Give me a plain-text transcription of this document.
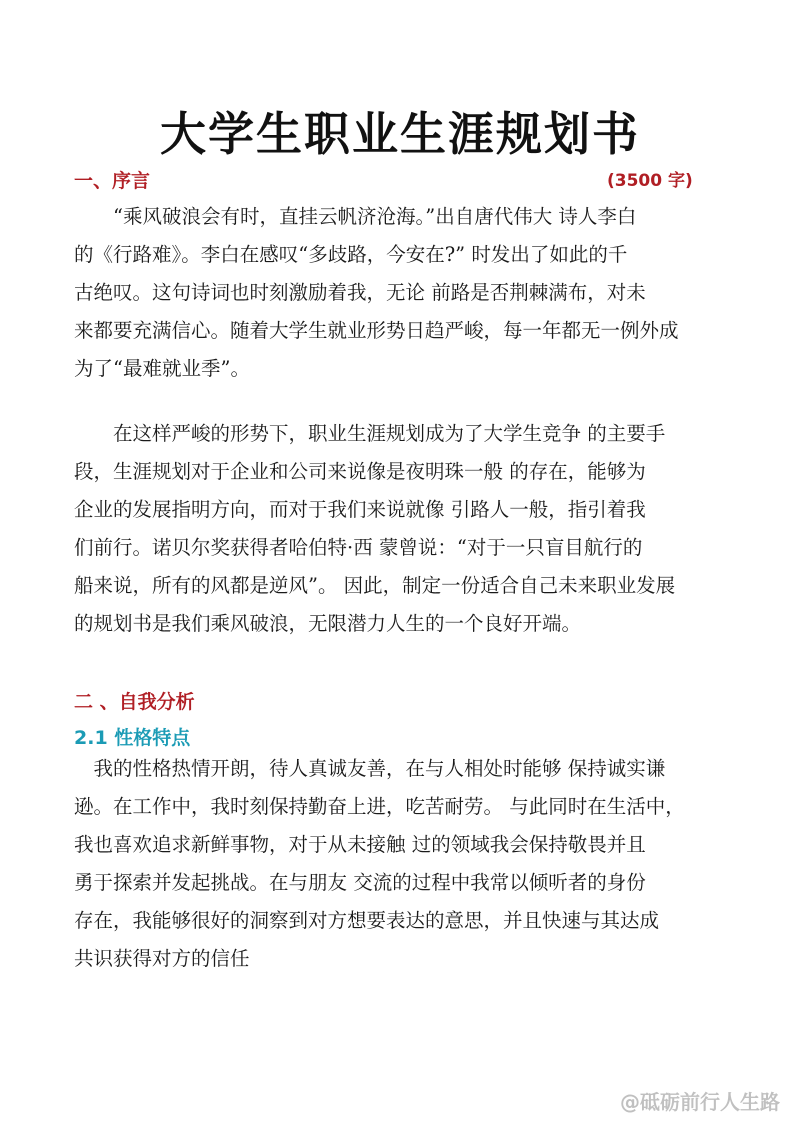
大学生职业生涯规划书
一、序言	(3500 字)
“乘风破浪会有时，直挂云帆济沧海。”出自唐代伟大 诗人李白
的《行路难》。李白在感叹“多歧路，今安在?” 时发出了如此的千
古绝叹。这句诗词也时刻激励着我，无论 前路是否荆棘满布，对未
来都要充满信心。随着大学生就业形势日趋严峻，每一年都无一例外成
为了“最难就业季”。
在这样严峻的形势下，职业生涯规划成为了大学生竞争 的主要手
段，生涯规划对于企业和公司来说像是夜明珠一般 的存在，能够为
企业的发展指明方向，而对于我们来说就像 引路人一般，指引着我
们前行。诺贝尔奖获得者哈伯特·西 蒙曾说：“对于一只盲目航行的
船来说，所有的风都是逆风”。 因此，制定一份适合自己未来职业发展
的规划书是我们乘风破浪，无限潜力人生的一个良好开端。
二 、自我分析
2.1 性格特点
我的性格热情开朗，待人真诚友善，在与人相处时能够 保持诚实谦
逊。在工作中，我时刻保持勤奋上进，吃苦耐劳。 与此同时在生活中，
我也喜欢追求新鲜事物，对于从未接触 过的领域我会保持敬畏并且
勇于探索并发起挑战。在与朋友 交流的过程中我常以倾听者的身份
存在，我能够很好的洞察到对方想要表达的意思，并且快速与其达成
共识获得对方的信任
@砥砺前行人生路
